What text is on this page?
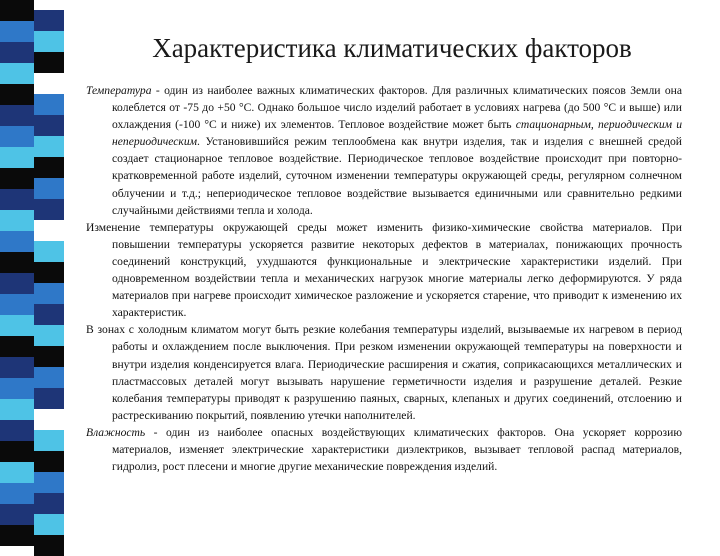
Характеристика климатических факторов

Температура - один из наиболее важных климатических факторов. Для различных климатических поясов Земли она колеблется от -75 до +50 °С. Однако большое число изделий работает в условиях нагрева (до 500 °С и выше) или охлаждения (-100 °С и ниже) их элементов. Тепловое воздействие может быть стационарным, периодическим и непериодическим. Установившийся режим теплообмена как внутри изделия, так и изделия с внешней средой создает стационарное тепловое воздействие. Периодическое тепловое воздействие происходит при повторно-кратковременной работе изделий, суточном изменении температуры окружающей среды, регулярном солнечном облучении и т.д.; непериодическое тепловое воздействие вызывается единичными или сравнительно редкими случайными действиями тепла и холода.

Изменение температуры окружающей среды может изменить физико-химические свойства материалов. При повышении температуры ускоряется развитие некоторых дефектов в материалах, понижающих прочность соединений конструкций, ухудшаются функциональные и электрические характеристики изделий. При одновременном воздействии тепла и механических нагрузок многие материалы легко деформируются. У ряда материалов при нагреве происходит химическое разложение и ускоряется старение, что приводит к изменению их характеристик.

В зонах с холодным климатом могут быть резкие колебания температуры изделий, вызываемые их нагревом в период работы и охлаждением после выключения. При резком изменении окружающей температуры на поверхности и внутри изделия конденсируется влага. Периодические расширения и сжатия, соприкасающихся металлических и пластмассовых деталей могут вызывать нарушение герметичности изделия и разрушение деталей. Резкие колебания температуры приводят к разрушению паяных, сварных, клепаных и других соединений, отслоению и растрескиванию покрытий, появлению утечки наполнителей.

Влажность - один из наиболее опасных воздействующих климатических факторов. Она ускоряет коррозию материалов, изменяет электрические характеристики диэлектриков, вызывает тепловой распад материалов, гидролиз, рост плесени и многие другие механические повреждения изделий.
